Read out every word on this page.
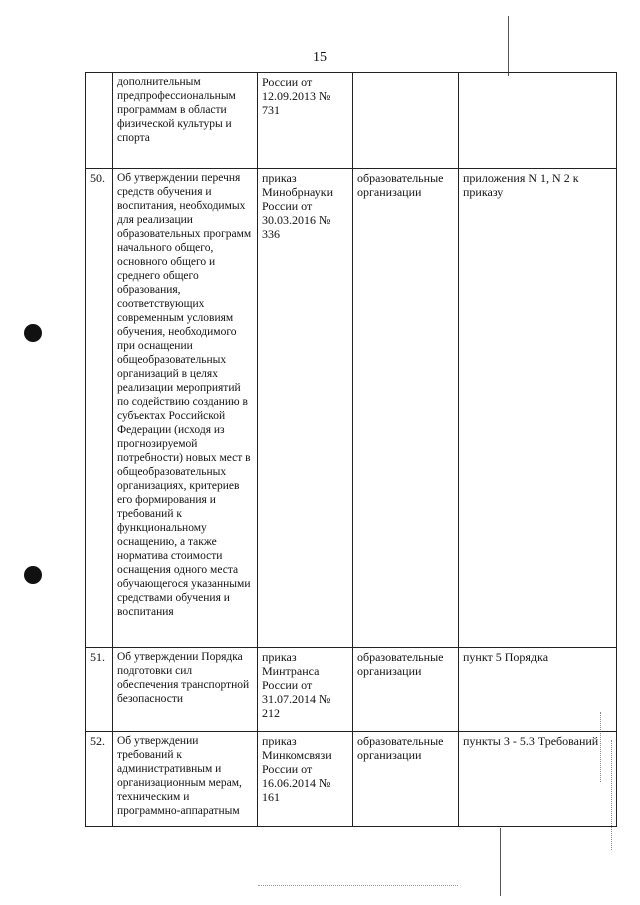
15
	дополнительным предпрофессиональным программам в области физической культуры и спорта	России от 12.09.2013 № 731		
50.	Об утверждении перечня средств обучения и воспитания, необходимых для реализации образовательных программ начального общего, основного общего и среднего общего образования, соответствующих современным условиям обучения, необходимого при оснащении общеобразовательных организаций в целях реализации мероприятий по содействию созданию в субъектах Российской Федерации (исходя из прогнозируемой потребности) новых мест в общеобразовательных организациях, критериев его формирования и требований к функциональному оснащению, а также норматива стоимости оснащения одного места обучающегося указанными средствами обучения и воспитания	приказ Минобрнауки России от 30.03.2016 № 336	образовательные организации	приложения N 1, N 2 к приказу
51.	Об утверждении Порядка подготовки сил обеспечения транспортной безопасности	приказ Минтранса России от 31.07.2014 № 212	образовательные организации	пункт 5 Порядка
52.	Об утверждении требований к административным и организационным мерам, техническим и программно-аппаратным	приказ Минкомсвязи России от 16.06.2014 № 161	образовательные организации	пункты 3 - 5.3 Требований
